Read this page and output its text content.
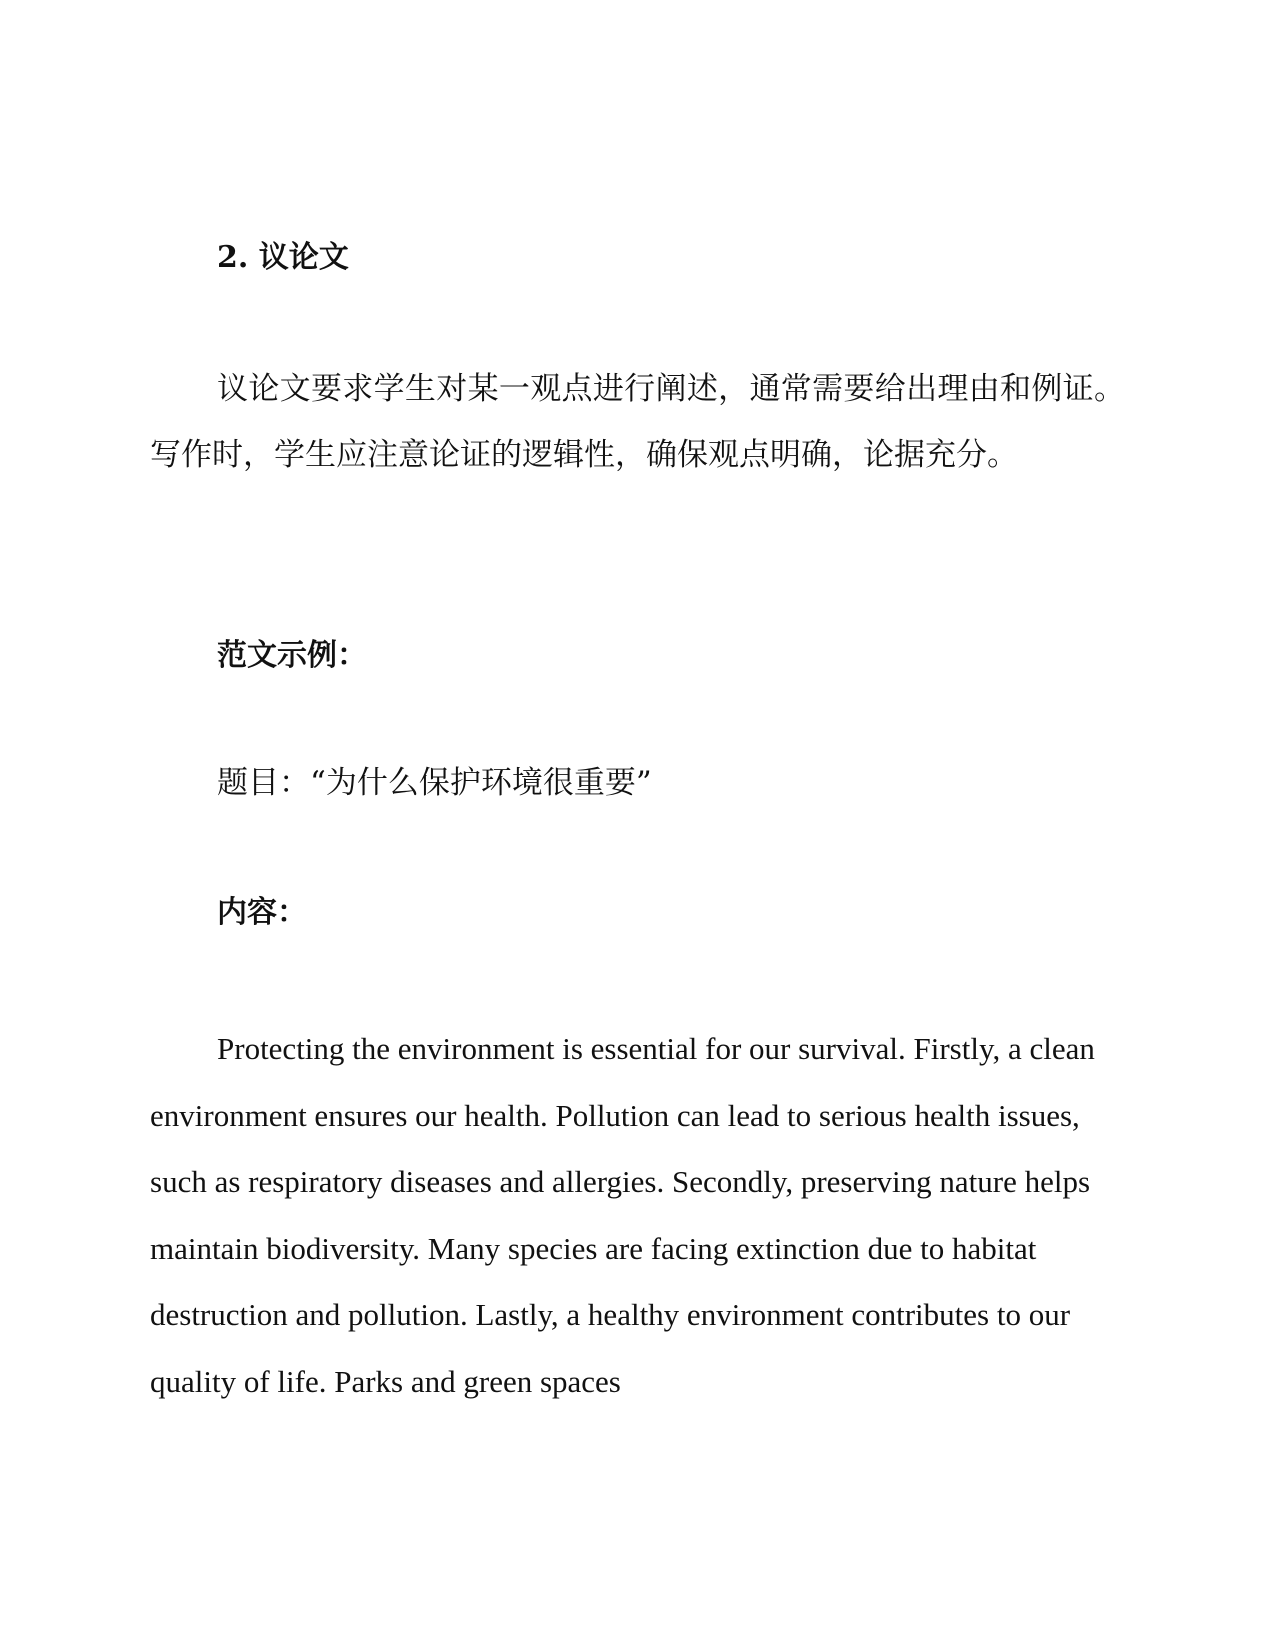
2. 议论文

议论文要求学生对某一观点进行阐述，通常需要给出理由和例证。写作时，学生应注意论证的逻辑性，确保观点明确，论据充分。

范文示例：
题目：“为什么保护环境很重要”
内容：

Protecting the environment is essential for our survival. Firstly, a clean environment ensures our health. Pollution can lead to serious health issues, such as respiratory diseases and allergies. Secondly, preserving nature helps maintain biodiversity. Many species are facing extinction due to habitat destruction and pollution. Lastly, a healthy environment contributes to our quality of life. Parks and green spaces
